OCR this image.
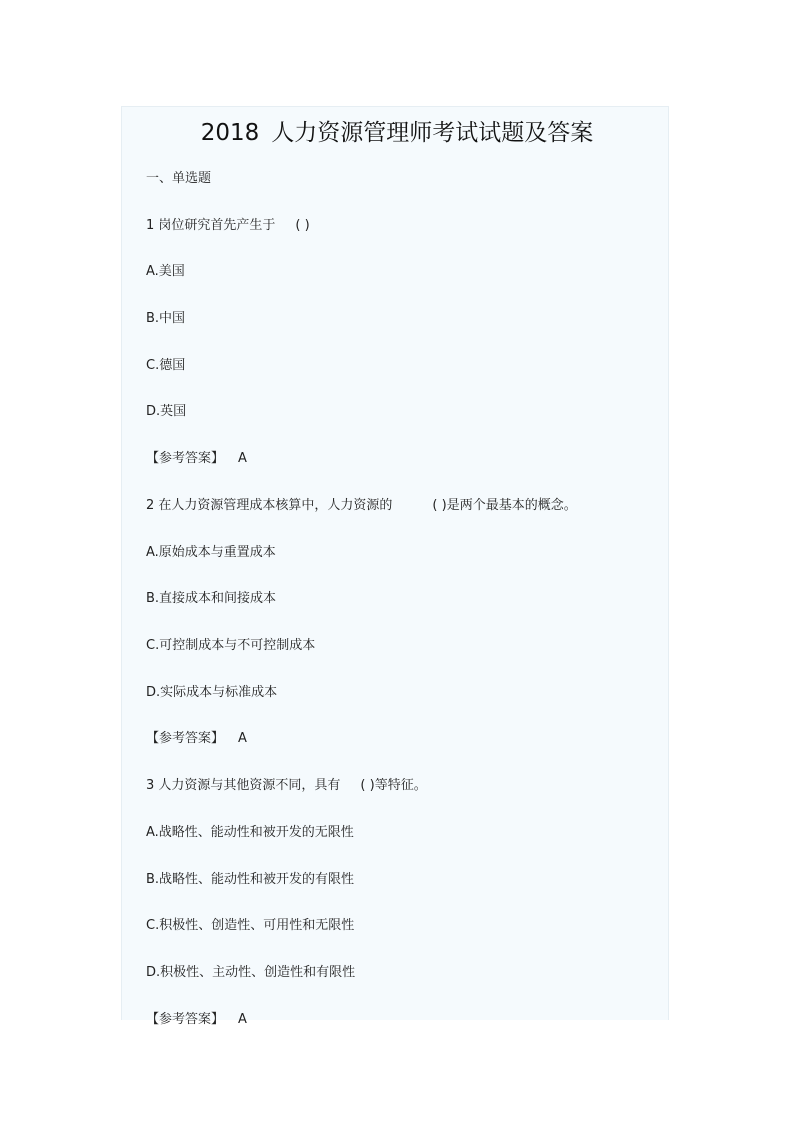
2018 人力资源管理师考试试题及答案
一、单选题
1 岗位研究首先产生于 ( )
A.美国
B.中国
C.德国
D.英国
【参考答案】 A
2 在人力资源管理成本核算中，人力资源的	( )是两个最基本的概念。
A.原始成本与重置成本
B.直接成本和间接成本
C.可控制成本与不可控制成本
D.实际成本与标准成本
【参考答案】 A
3 人力资源与其他资源不同，具有 ( )等特征。
A.战略性、能动性和被开发的无限性
B.战略性、能动性和被开发的有限性
C.积极性、创造性、可用性和无限性
D.积极性、主动性、创造性和有限性
【参考答案】 A
